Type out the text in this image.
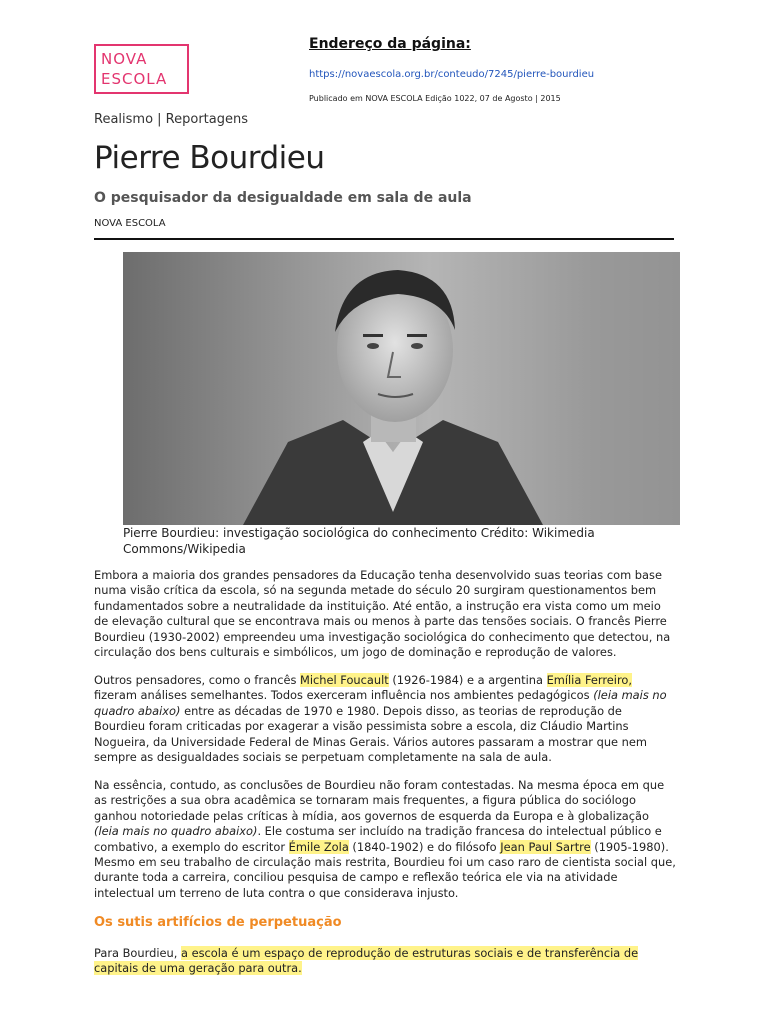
NOVA
ESCOLA
Endereço da página:
https://novaescola.org.br/conteudo/7245/pierre-bourdieu
Publicado em NOVA ESCOLA Edição 1022, 07 de Agosto | 2015
Realismo | Reportagens
Pierre Bourdieu
O pesquisador da desigualdade em sala de aula
NOVA ESCOLA
Pierre Bourdieu: investigação sociológica do conhecimento Crédito: Wikimedia Commons/Wikipedia

Embora a maioria dos grandes pensadores da Educação tenha desenvolvido suas teorias com base numa visão crítica da escola, só na segunda metade do século 20 surgiram questionamentos bem fundamentados sobre a neutralidade da instituição. Até então, a instrução era vista como um meio de elevação cultural que se encontrava mais ou menos à parte das tensões sociais. O francês Pierre Bourdieu (1930-2002) empreendeu uma investigação sociológica do conhecimento que detectou, na circulação dos bens culturais e simbólicos, um jogo de dominação e reprodução de valores.

Outros pensadores, como o francês Michel Foucault (1926-1984) e a argentina Emília Ferreiro, fizeram análises semelhantes. Todos exerceram influência nos ambientes pedagógicos (leia mais no quadro abaixo) entre as décadas de 1970 e 1980. Depois disso, as teorias de reprodução de Bourdieu foram criticadas por exagerar a visão pessimista sobre a escola, diz Cláudio Martins Nogueira, da Universidade Federal de Minas Gerais. Vários autores passaram a mostrar que nem sempre as desigualdades sociais se perpetuam completamente na sala de aula.

Na essência, contudo, as conclusões de Bourdieu não foram contestadas. Na mesma época em que as restrições a sua obra acadêmica se tornaram mais frequentes, a figura pública do sociólogo ganhou notoriedade pelas críticas à mídia, aos governos de esquerda da Europa e à globalização (leia mais no quadro abaixo). Ele costuma ser incluído na tradição francesa do intelectual público e combativo, a exemplo do escritor Émile Zola (1840-1902) e do filósofo Jean Paul Sartre (1905-1980). Mesmo em seu trabalho de circulação mais restrita, Bourdieu foi um caso raro de cientista social que, durante toda a carreira, conciliou pesquisa de campo e reflexão teórica ele via na atividade intelectual um terreno de luta contra o que considerava injusto.

Os sutis artifícios de perpetuação

Para Bourdieu, a escola é um espaço de reprodução de estruturas sociais e de transferência de capitais de uma geração para outra.
